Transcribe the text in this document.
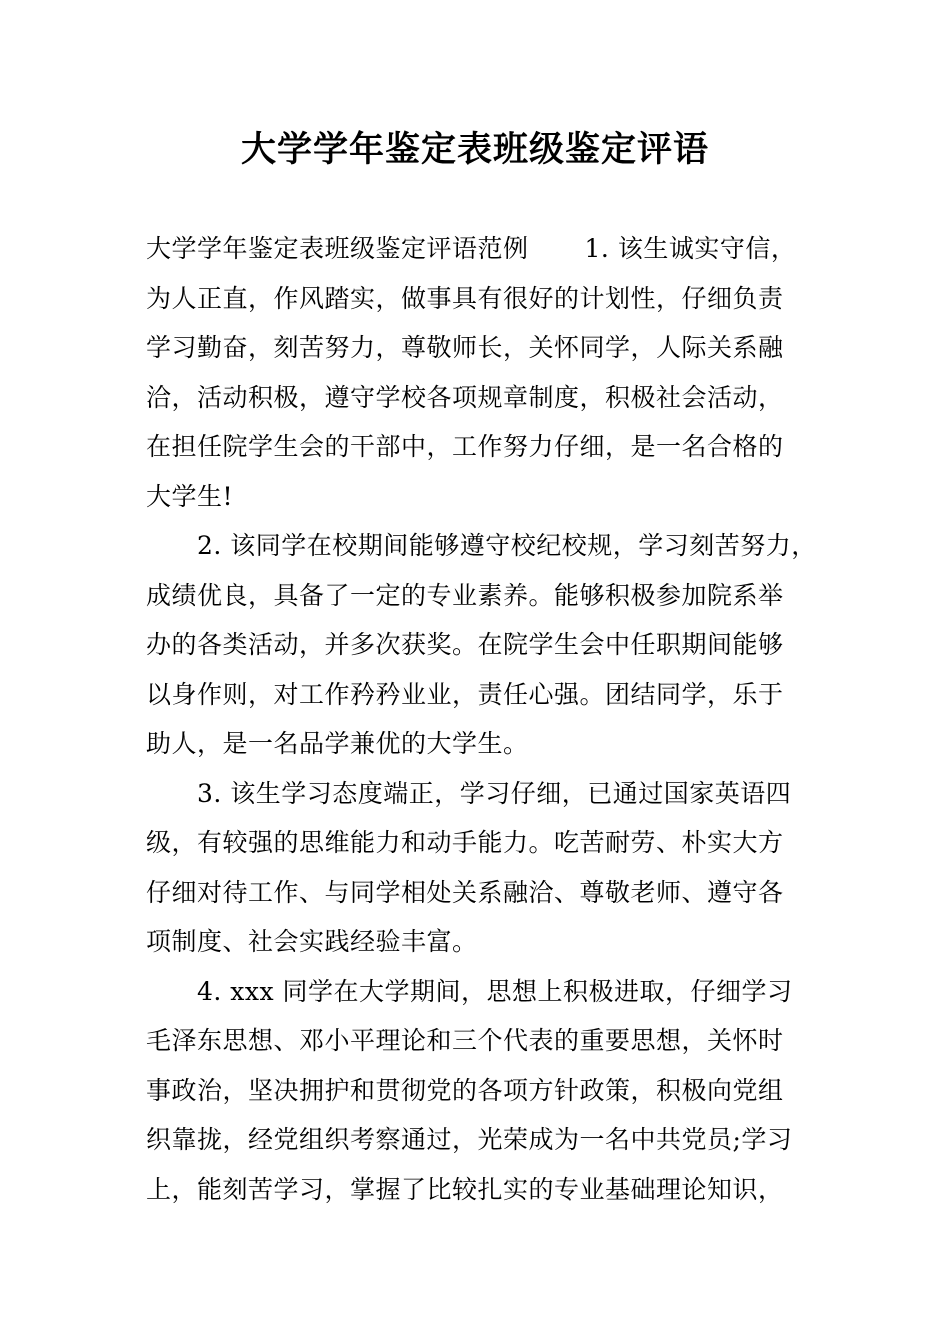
大学学年鉴定表班级鉴定评语
大学学年鉴定表班级鉴定评语范例 1. 该生诚实守信，
为人正直，作风踏实，做事具有很好的计划性，仔细负责
学习勤奋，刻苦努力，尊敬师长，关怀同学，人际关系融
洽，活动积极，遵守学校各项规章制度，积极社会活动，
在担任院学生会的干部中，工作努力仔细，是一名合格的
大学生!
　　2. 该同学在校期间能够遵守校纪校规，学习刻苦努力，
成绩优良，具备了一定的专业素养。能够积极参加院系举
办的各类活动，并多次获奖。在院学生会中任职期间能够
以身作则，对工作矜矜业业，责任心强。团结同学，乐于
助人，是一名品学兼优的大学生。
　　3. 该生学习态度端正，学习仔细，已通过国家英语四
级，有较强的思维能力和动手能力。吃苦耐劳、朴实大方
仔细对待工作、与同学相处关系融洽、尊敬老师、遵守各
项制度、社会实践经验丰富。
　　4. xxx 同学在大学期间，思想上积极进取，仔细学习
毛泽东思想、邓小平理论和三个代表的重要思想，关怀时
事政治，坚决拥护和贯彻党的各项方针政策，积极向党组
织靠拢，经党组织考察通过，光荣成为一名中共党员;学习
上，能刻苦学习，掌握了比较扎实的专业基础理论知识，
